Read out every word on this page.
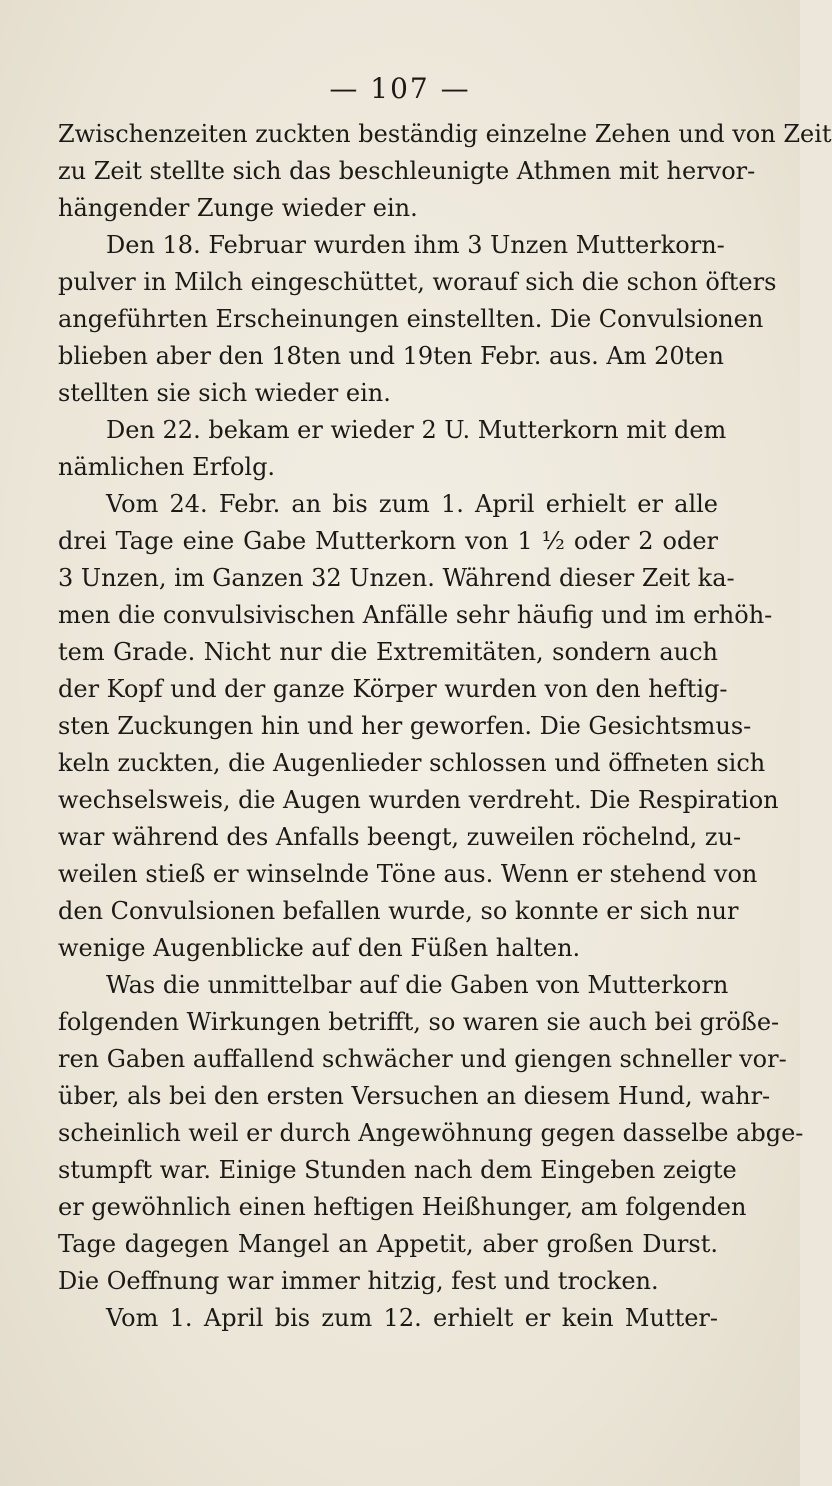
— 107 —
Zwischenzeiten zuckten beständig einzelne Zehen und von Zeit
zu Zeit stellte sich das beschleunigte Athmen mit hervor-
hängender Zunge wieder ein.
Den 18. Februar wurden ihm 3 Unzen Mutterkorn-
pulver in Milch eingeschüttet, worauf sich die schon öfters
angeführten Erscheinungen einstellten. Die Convulsionen
blieben aber den 18ten und 19ten Febr. aus. Am 20ten
stellten sie sich wieder ein.
Den 22. bekam er wieder 2 U. Mutterkorn mit dem
nämlichen Erfolg.
Vom 24. Febr. an bis zum 1. April erhielt er alle
drei Tage eine Gabe Mutterkorn von 1 ½ oder 2 oder
3 Unzen, im Ganzen 32 Unzen. Während dieser Zeit ka-
men die convulsivischen Anfälle sehr häufig und im erhöh-
tem Grade. Nicht nur die Extremitäten, sondern auch
der Kopf und der ganze Körper wurden von den heftig-
sten Zuckungen hin und her geworfen. Die Gesichtsmus-
keln zuckten, die Augenlieder schlossen und öffneten sich
wechselsweis, die Augen wurden verdreht. Die Respiration
war während des Anfalls beengt, zuweilen röchelnd, zu-
weilen stieß er winselnde Töne aus. Wenn er stehend von
den Convulsionen befallen wurde, so konnte er sich nur
wenige Augenblicke auf den Füßen halten.
Was die unmittelbar auf die Gaben von Mutterkorn
folgenden Wirkungen betrifft, so waren sie auch bei größe-
ren Gaben auffallend schwächer und giengen schneller vor-
über, als bei den ersten Versuchen an diesem Hund, wahr-
scheinlich weil er durch Angewöhnung gegen dasselbe abge-
stumpft war. Einige Stunden nach dem Eingeben zeigte
er gewöhnlich einen heftigen Heißhunger, am folgenden
Tage dagegen Mangel an Appetit, aber großen Durst.
Die Oeffnung war immer hitzig, fest und trocken.
Vom 1. April bis zum 12. erhielt er kein Mutter-
